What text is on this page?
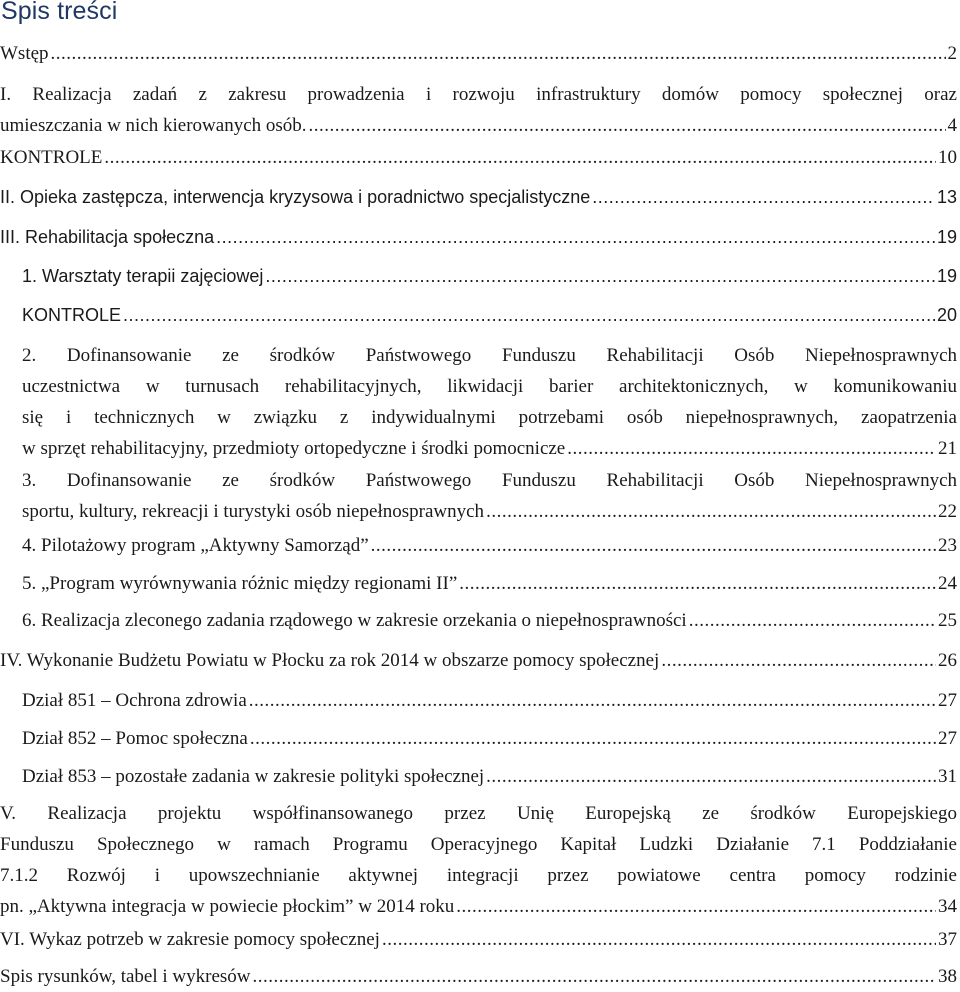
Spis treści
Wstęp .....	2

I. Realizacja zadań z zakresu prowadzenia i rozwoju infrastruktury domów pomocy społecznej oraz

umieszczania w nich kierowanych osób. .....	4
KONTROLE .....	10
II. Opieka zastępcza, interwencja kryzysowa i poradnictwo specjalistyczne .....	13
III. Rehabilitacja społeczna .....	19
1. Warsztaty terapii zajęciowej .....	19
KONTROLE .....	20

2. Dofinansowanie ze środków Państwowego Funduszu Rehabilitacji Osób Niepełnosprawnych

uczestnictwa w turnusach rehabilitacyjnych, likwidacji barier architektonicznych, w komunikowaniu

się i technicznych w związku z indywidualnymi potrzebami osób niepełnosprawnych, zaopatrzenia

w sprzęt rehabilitacyjny, przedmioty ortopedyczne i środki pomocnicze .....	21

3. Dofinansowanie ze środków Państwowego Funduszu Rehabilitacji Osób Niepełnosprawnych

sportu, kultury, rekreacji i turystyki osób niepełnosprawnych .....	22
4. Pilotażowy program „Aktywny Samorząd” .....	23
5. „Program wyrównywania różnic między regionami II” .....	24
6. Realizacja zleconego zadania rządowego w zakresie orzekania o niepełnosprawności .....	25
IV. Wykonanie Budżetu Powiatu w Płocku za rok 2014 w obszarze pomocy społecznej .....	26
Dział 851 – Ochrona zdrowia .....	27
Dział 852 – Pomoc społeczna .....	27
Dział 853 – pozostałe zadania w zakresie polityki społecznej .....	31

V. Realizacja projektu współfinansowanego przez Unię Europejską ze środków Europejskiego

Funduszu Społecznego w ramach Programu Operacyjnego Kapitał Ludzki Działanie 7.1 Poddziałanie

7.1.2 Rozwój i upowszechnianie aktywnej integracji przez powiatowe centra pomocy rodzinie

pn. „Aktywna integracja w powiecie płockim” w 2014 roku .....	34
VI. Wykaz potrzeb w zakresie pomocy społecznej .....	37
Spis rysunków, tabel i wykresów .....	38
